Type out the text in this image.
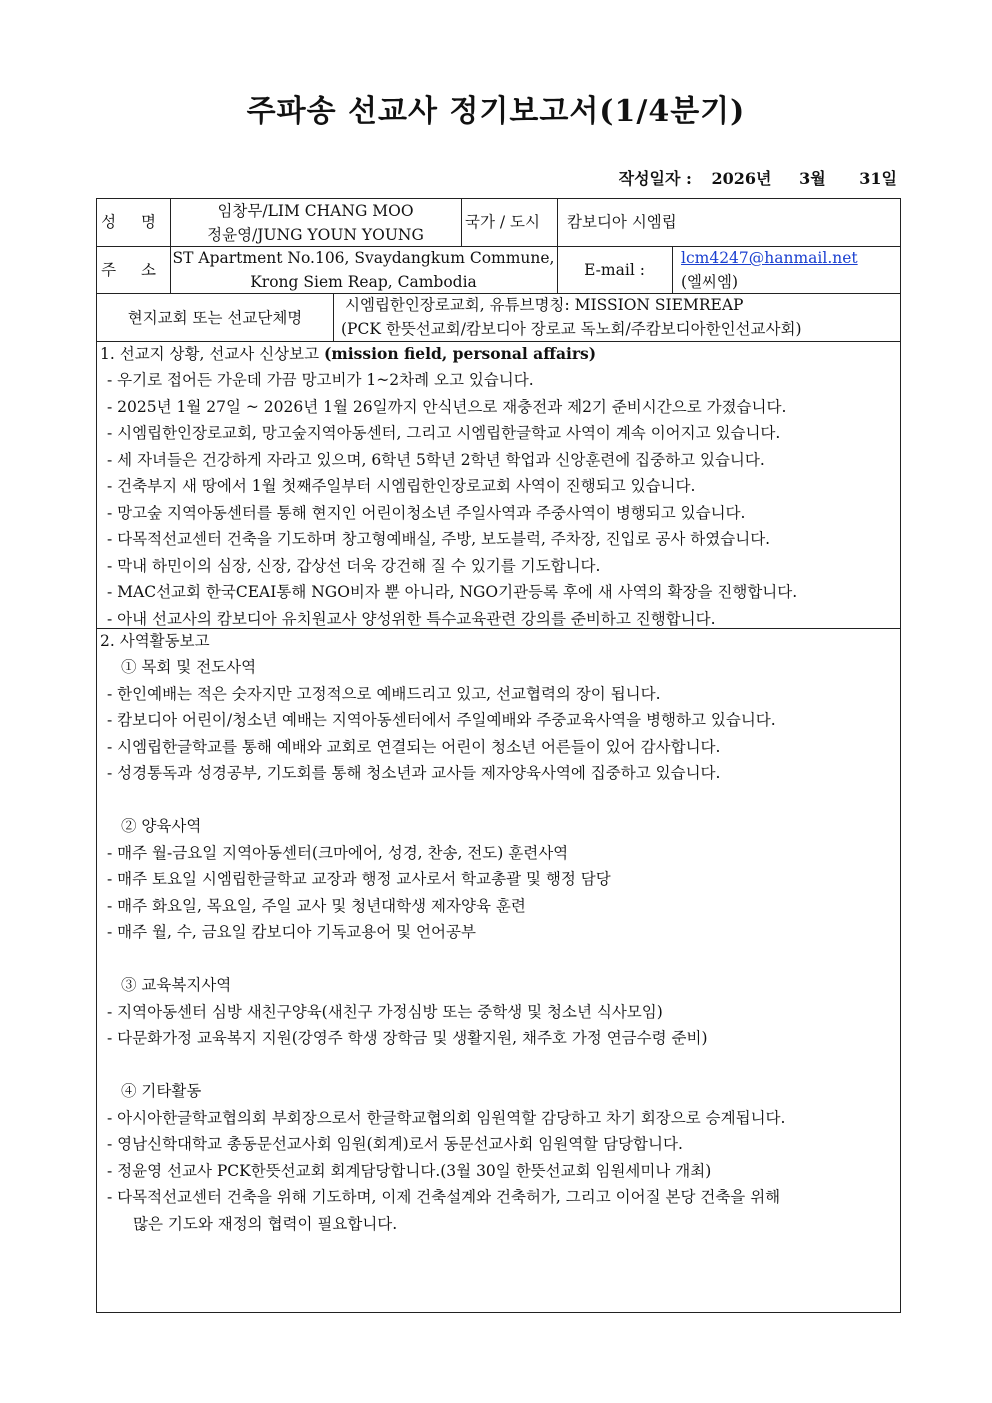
주파송 선교사 정기보고서(1/4분기)
작성일자 : 2026년 3월 31일
성 명
임창무/LIM CHANG MOO
정윤영/JUNG YOUN YOUNG
국가 / 도시	캄보디아 시엠립
주 소
ST Apartment No.106, Svaydangkum Commune,
Krong Siem Reap, Cambodia
E-mail :
lcm4247@hanmail.net
(엘씨엠)
현지교회 또는 선교단체명
시엠립한인장로교회, 유튜브명칭: MISSION SIEMREAP
(PCK 한뜻선교회/캄보디아 장로교 독노회/주캄보디아한인선교사회)
1. 선교지 상황, 선교사 신상보고 (mission field, personal affairs)
- 우기로 접어든 가운데 가끔 망고비가 1~2차례 오고 있습니다.
- 2025년 1월 27일 ~ 2026년 1월 26일까지 안식년으로 재충전과 제2기 준비시간으로 가졌습니다.
- 시엠립한인장로교회, 망고숲지역아동센터, 그리고 시엠립한글학교 사역이 계속 이어지고 있습니다.
- 세 자녀들은 건강하게 자라고 있으며, 6학년 5학년 2학년 학업과 신앙훈련에 집중하고 있습니다.
- 건축부지 새 땅에서 1월 첫째주일부터 시엠립한인장로교회 사역이 진행되고 있습니다.
- 망고숲 지역아동센터를 통해 현지인 어린이청소년 주일사역과 주중사역이 병행되고 있습니다.
- 다목적선교센터 건축을 기도하며 창고형예배실, 주방, 보도블럭, 주차장, 진입로 공사 하였습니다.
- 막내 하민이의 심장, 신장, 갑상선 더욱 강건해 질 수 있기를 기도합니다.
- MAC선교회 한국CEAI통해 NGO비자 뿐 아니라, NGO기관등록 후에 새 사역의 확장을 진행합니다.
- 아내 선교사의 캄보디아 유치원교사 양성위한 특수교육관련 강의를 준비하고 진행합니다.
2. 사역활동보고
① 목회 및 전도사역
- 한인예배는 적은 숫자지만 고정적으로 예배드리고 있고, 선교협력의 장이 됩니다.
- 캄보디아 어린이/청소년 예배는 지역아동센터에서 주일예배와 주중교육사역을 병행하고 있습니다.
- 시엠립한글학교를 통해 예배와 교회로 연결되는 어린이 청소년 어른들이 있어 감사합니다.
- 성경통독과 성경공부, 기도회를 통해 청소년과 교사들 제자양육사역에 집중하고 있습니다.
② 양육사역
- 매주 월-금요일 지역아동센터(크마에어, 성경, 찬송, 전도) 훈련사역
- 매주 토요일 시엠립한글학교 교장과 행정 교사로서 학교총괄 및 행정 담당
- 매주 화요일, 목요일, 주일 교사 및 청년대학생 제자양육 훈련
- 매주 월, 수, 금요일 캄보디아 기독교용어 및 언어공부
③ 교육복지사역
- 지역아동센터 심방 새친구양육(새친구 가정심방 또는 중학생 및 청소년 식사모임)
- 다문화가정 교육복지 지원(강영주 학생 장학금 및 생활지원, 채주호 가정 연금수령 준비)
④ 기타활동
- 아시아한글학교협의회 부회장으로서 한글학교협의회 임원역할 감당하고 차기 회장으로 승계됩니다.
- 영남신학대학교 총동문선교사회 임원(회계)로서 동문선교사회 임원역할 담당합니다.
- 정윤영 선교사 PCK한뜻선교회 회계담당합니다.(3월 30일 한뜻선교회 임원세미나 개최)
- 다목적선교센터 건축을 위해 기도하며, 이제 건축설계와 건축허가, 그리고 이어질 본당 건축을 위해
많은 기도와 재정의 협력이 필요합니다.
